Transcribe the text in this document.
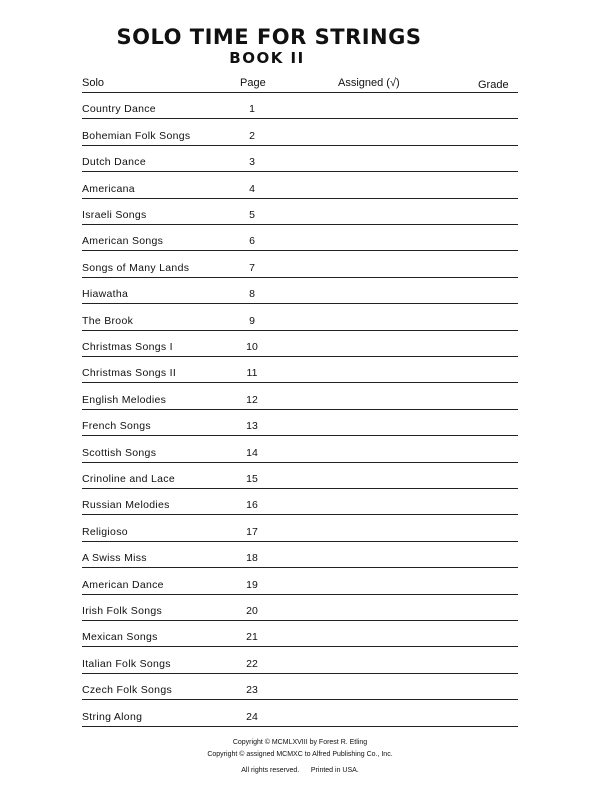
SOLO TIME FOR STRINGS
BOOK II
Solo	Page	Assigned (√)	Grade
Country Dance	1
Bohemian Folk Songs	2
Dutch Dance	3
Americana	4
Israeli Songs	5
American Songs	6
Songs of Many Lands	7
Hiawatha	8
The Brook	9
Christmas Songs I	10
Christmas Songs II	11
English Melodies	12
French Songs	13
Scottish Songs	14
Crinoline and Lace	15
Russian Melodies	16
Religioso	17
A Swiss Miss	18
American Dance	19
Irish Folk Songs	20
Mexican Songs	21
Italian Folk Songs	22
Czech Folk Songs	23
String Along	24
Copyright © MCMLXVIII by Forest R. Etling
Copyright © assigned MCMXC to Alfred Publishing Co., Inc.
All rights reserved.      Printed in USA.
